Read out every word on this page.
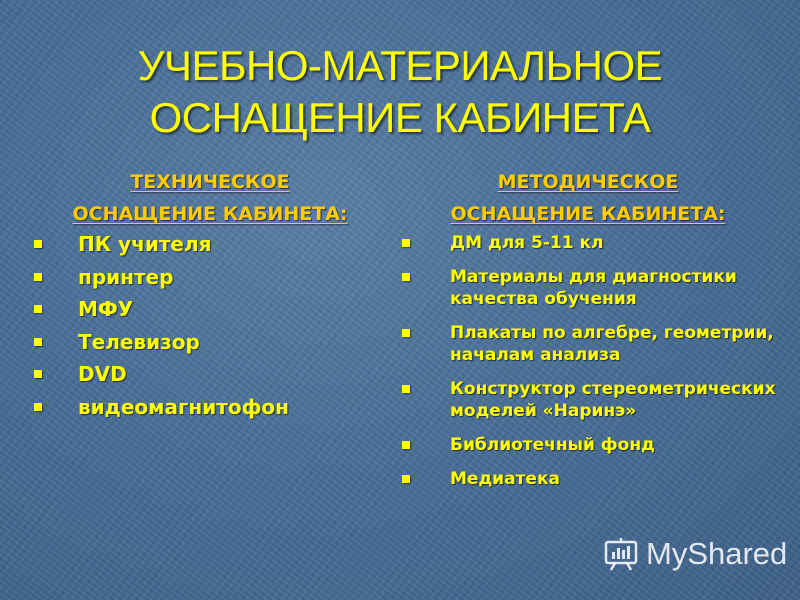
УЧЕБНО-МАТЕРИАЛЬНОЕ
ОСНАЩЕНИЕ КАБИНЕТА
ТЕХНИЧЕСКОЕ
ОСНАЩЕНИЕ КАБИНЕТА:
ПК учителя
принтер
МФУ
Телевизор
DVD
видеомагнитофон
МЕТОДИЧЕСКОЕ
ОСНАЩЕНИЕ КАБИНЕТА:
ДМ для 5-11 кл
Материалы для диагностики качества обучения
Плакаты по алгебре, геометрии, началам анализа
Конструктор стереометрических моделей «Наринэ»
Библиотечный фонд
Медиатека
MyShared
